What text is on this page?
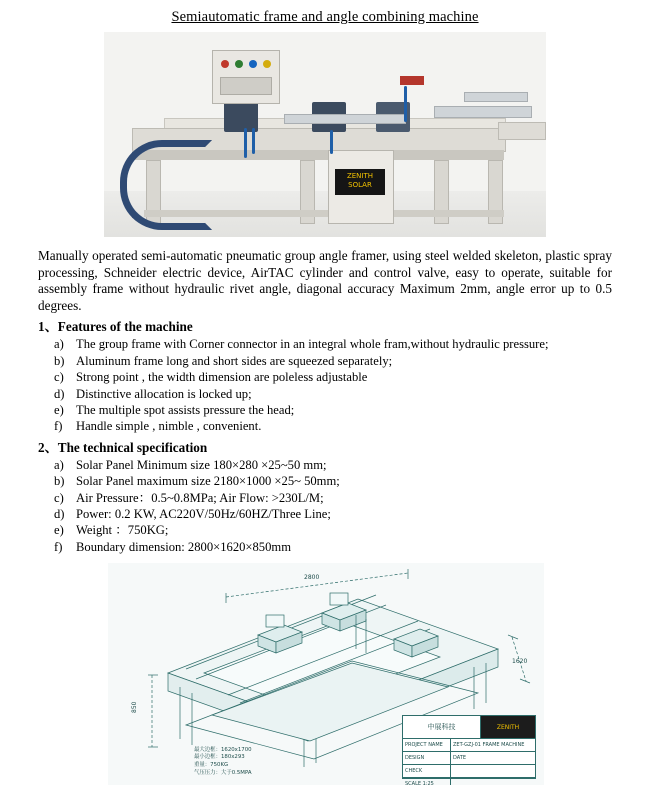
Semiautomatic frame and angle combining machine
ZENITH
SOLAR

Manually operated semi-automatic pneumatic group angle framer, using steel welded skeleton, plastic spray processing, Schneider electric device, AirTAC cylinder and control valve, easy to operate, suitable for assembly frame without hydraulic rivet angle, diagonal accuracy Maximum 2mm, angle error up to 0.5 degrees.

1、Features of the machine
a) The group frame with Corner connector in an integral whole fram,without hydraulic pressure;
b) Aluminum frame long and short sides are squeezed separately;
c) Strong point , the width dimension are poleless adjustable
d) Distinctive allocation is locked up;
e) The multiple spot assists pressure the head;
f) Handle simple , nimble , convenient.
2、The technical specification
a) Solar Panel Minimum size 180×280 ×25~50 mm;
b) Solar Panel maximum size 2180×1000 ×25~ 50mm;
c) Air Pressure：0.5~0.8MPa; Air Flow: >230L/M;
d) Power: 0.2 KW, AC220V/50Hz/60HZ/Three Line;
e) Weight ：750KG;
f) Boundary dimension: 2800×1620×850mm
2800
1620
850
最大边框：1620x1700
最小边框：180x293
重量：750KG
气压压力：大于0.5MPA
中展科技	ZENITH
PROJECT NAME	ZET-GZJ-01 FRAME MACHINE
DESIGN	DATE
CHECK
SCALE 1:25
